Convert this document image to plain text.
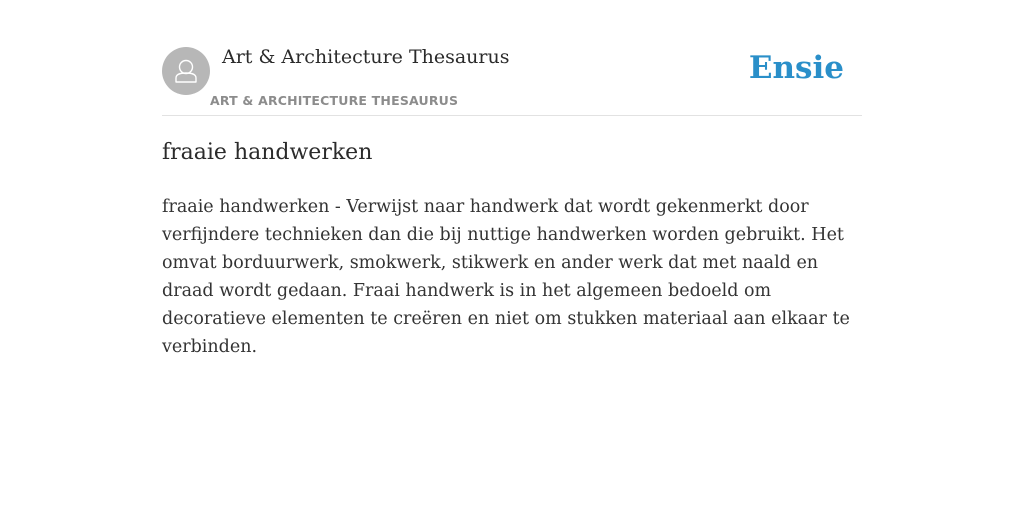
Art & Architecture Thesaurus
ART & ARCHITECTURE THESAURUS
Ensie
fraaie handwerken

fraaie handwerken - Verwijst naar handwerk dat wordt gekenmerkt door verfijndere technieken dan die bij nuttige handwerken worden gebruikt. Het omvat borduurwerk, smokwerk, stikwerk en ander werk dat met naald en draad wordt gedaan. Fraai handwerk is in het algemeen bedoeld om decoratieve elementen te creëren en niet om stukken materiaal aan elkaar te verbinden.
